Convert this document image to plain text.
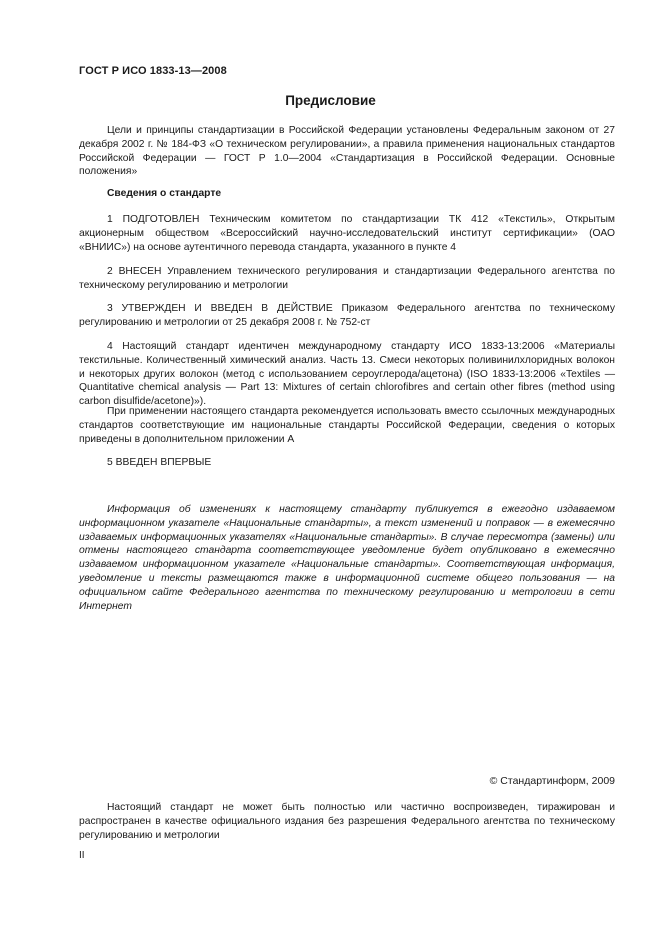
ГОСТ Р ИСО 1833-13—2008
Предисловие
Цели и принципы стандартизации в Российской Федерации установлены Федеральным законом от 27 декабря 2002 г. № 184-ФЗ «О техническом регулировании», а правила применения национальных стандартов Российской Федерации — ГОСТ Р 1.0—2004 «Стандартизация в Российской Федерации. Основные положения»
Сведения о стандарте
1 ПОДГОТОВЛЕН Техническим комитетом по стандартизации ТК 412 «Текстиль», Открытым акционерным обществом «Всероссийский научно-исследовательский институт сертификации» (ОАО «ВНИИС») на основе аутентичного перевода стандарта, указанного в пункте 4
2 ВНЕСЕН Управлением технического регулирования и стандартизации Федерального агентства по техническому регулированию и метрологии
3 УТВЕРЖДЕН И ВВЕДЕН В ДЕЙСТВИЕ Приказом Федерального агентства по техническому регулированию и метрологии от 25 декабря 2008 г. № 752-ст
4 Настоящий стандарт идентичен международному стандарту ИСО 1833-13:2006 «Материалы текстильные. Количественный химический анализ. Часть 13. Смеси некоторых поливинилхлоридных волокон и некоторых других волокон (метод с использованием сероуглерода/ацетона) (ISO 1833-13:2006 «Textiles — Quantitative chemical analysis — Part 13: Mixtures of certain chlorofibres and certain other fibres (method using carbon disulfide/acetone)»).
При применении настоящего стандарта рекомендуется использовать вместо ссылочных международных стандартов соответствующие им национальные стандарты Российской Федерации, сведения о которых приведены в дополнительном приложении А
5 ВВЕДЕН ВПЕРВЫЕ
Информация об изменениях к настоящему стандарту публикуется в ежегодно издаваемом информационном указателе «Национальные стандарты», а текст изменений и поправок — в ежемесячно издаваемых информационных указателях «Национальные стандарты». В случае пересмотра (замены) или отмены настоящего стандарта соответствующее уведомление будет опубликовано в ежемесячно издаваемом информационном указателе «Национальные стандарты». Соответствующая информация, уведомление и тексты размещаются также в информационной системе общего пользования — на официальном сайте Федерального агентства по техническому регулированию и метрологии в сети Интернет
© Стандартинформ, 2009
Настоящий стандарт не может быть полностью или частично воспроизведен, тиражирован и распространен в качестве официального издания без разрешения Федерального агентства по техническому регулированию и метрологии
II
